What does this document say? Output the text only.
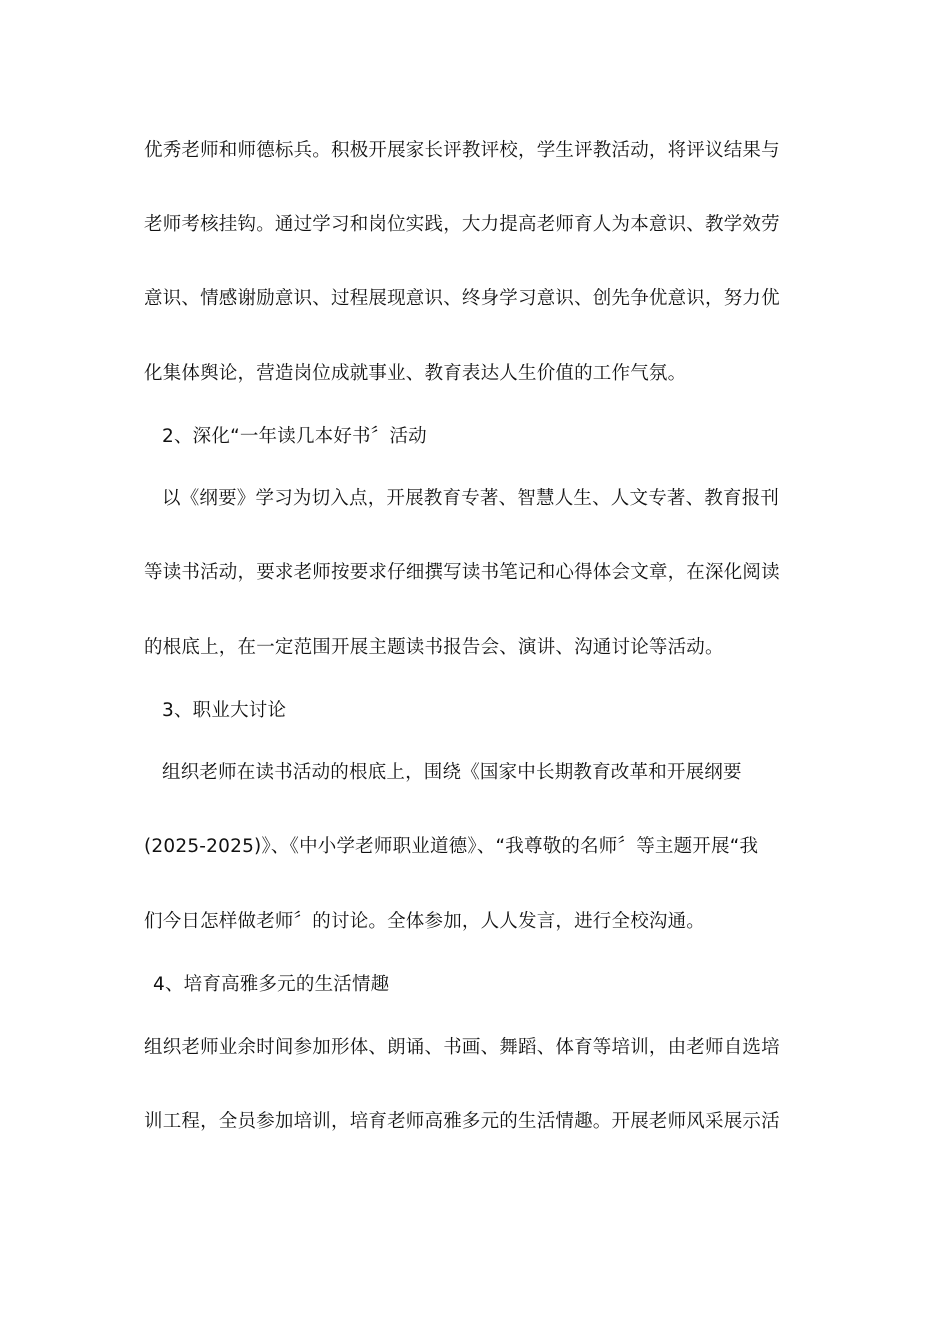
优秀老师和师德标兵。积极开展家长评教评校，学生评教活动，将评议结果与
老师考核挂钩。通过学习和岗位实践，大力提高老师育人为本意识、教学效劳
意识、情感谢励意识、过程展现意识、终身学习意识、创先争优意识，努力优
化集体舆论，营造岗位成就事业、教育表达人生价值的工作气氛。
2、深化“一年读几本好书〞活动
以《纲要》学习为切入点，开展教育专著、智慧人生、人文专著、教育报刊
等读书活动，要求老师按要求仔细撰写读书笔记和心得体会文章，在深化阅读
的根底上，在一定范围开展主题读书报告会、演讲、沟通讨论等活动。
3、职业大讨论
组织老师在读书活动的根底上，围绕《国家中长期教育改革和开展纲要
(2025-2025)》、《中小学老师职业道德》、“我尊敬的名师〞等主题开展“我
们今日怎样做老师〞的讨论。全体参加，人人发言，进行全校沟通。
4、培育高雅多元的生活情趣
组织老师业余时间参加形体、朗诵、书画、舞蹈、体育等培训，由老师自选培
训工程，全员参加培训，培育老师高雅多元的生活情趣。开展老师风采展示活
